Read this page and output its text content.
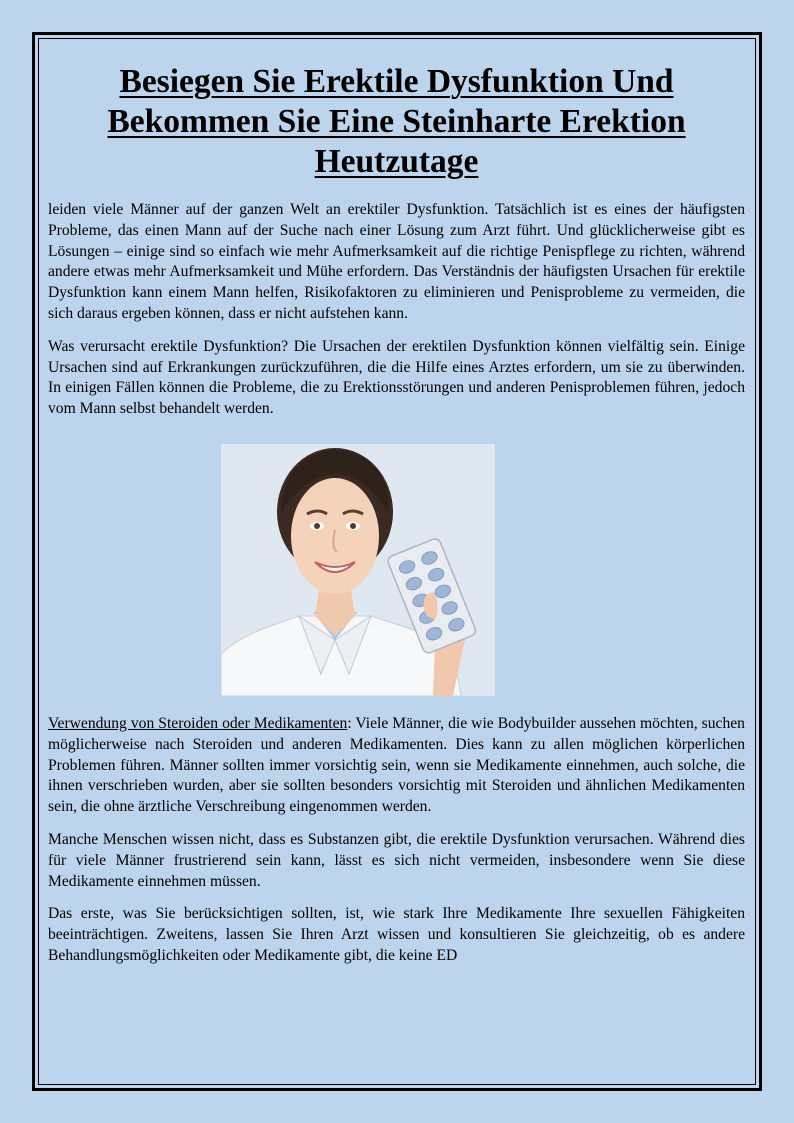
Besiegen Sie Erektile Dysfunktion Und Bekommen Sie Eine Steinharte Erektion Heutzutage

leiden viele Männer auf der ganzen Welt an erektiler Dysfunktion. Tatsächlich ist es eines der häufigsten Probleme, das einen Mann auf der Suche nach einer Lösung zum Arzt führt. Und glücklicherweise gibt es Lösungen – einige sind so einfach wie mehr Aufmerksamkeit auf die richtige Penispflege zu richten, während andere etwas mehr Aufmerksamkeit und Mühe erfordern. Das Verständnis der häufigsten Ursachen für erektile Dysfunktion kann einem Mann helfen, Risikofaktoren zu eliminieren und Penisprobleme zu vermeiden, die sich daraus ergeben können, dass er nicht aufstehen kann.

Was verursacht erektile Dysfunktion? Die Ursachen der erektilen Dysfunktion können vielfältig sein. Einige Ursachen sind auf Erkrankungen zurückzuführen, die die Hilfe eines Arztes erfordern, um sie zu überwinden. In einigen Fällen können die Probleme, die zu Erektionsstörungen und anderen Penisproblemen führen, jedoch vom Mann selbst behandelt werden.

Verwendung von Steroiden oder Medikamenten: Viele Männer, die wie Bodybuilder aussehen möchten, suchen möglicherweise nach Steroiden und anderen Medikamenten. Dies kann zu allen möglichen körperlichen Problemen führen. Männer sollten immer vorsichtig sein, wenn sie Medikamente einnehmen, auch solche, die ihnen verschrieben wurden, aber sie sollten besonders vorsichtig mit Steroiden und ähnlichen Medikamenten sein, die ohne ärztliche Verschreibung eingenommen werden.

Manche Menschen wissen nicht, dass es Substanzen gibt, die erektile Dysfunktion verursachen. Während dies für viele Männer frustrierend sein kann, lässt es sich nicht vermeiden, insbesondere wenn Sie diese Medikamente einnehmen müssen.

Das erste, was Sie berücksichtigen sollten, ist, wie stark Ihre Medikamente Ihre sexuellen Fähigkeiten beeinträchtigen. Zweitens, lassen Sie Ihren Arzt wissen und konsultieren Sie gleichzeitig, ob es andere Behandlungsmöglichkeiten oder Medikamente gibt, die keine ED
